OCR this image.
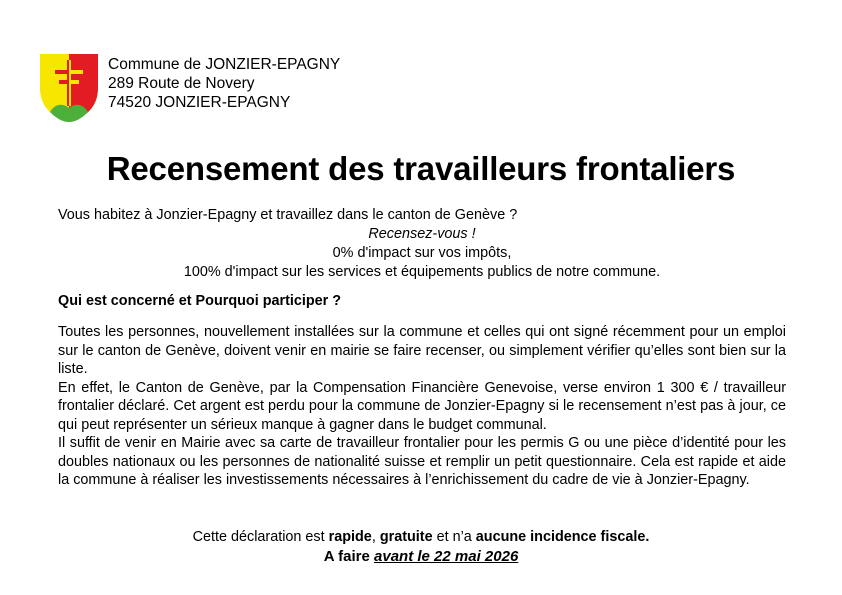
Commune de JONZIER-EPAGNY
289 Route de Novery
74520 JONZIER-EPAGNY
Recensement des travailleurs frontaliers
Vous habitez à Jonzier-Epagny et travaillez dans le canton de Genève ?
Recensez-vous !
0% d'impact sur vos impôts,
100% d'impact sur les services et équipements publics de notre commune.
Qui est concerné et Pourquoi participer ?

Toutes les personnes, nouvellement installées sur la commune et celles qui ont signé récemment pour un emploi sur le canton de Genève, doivent venir en mairie se faire recenser, ou simplement vérifier qu’elles sont bien sur la liste.

En effet, le Canton de Genève, par la Compensation Financière Genevoise, verse environ 1 300 € / travailleur frontalier déclaré. Cet argent est perdu pour la commune de Jonzier-Epagny si le recensement n’est pas à jour, ce qui peut représenter un sérieux manque à gagner dans le budget communal.

Il suffit de venir en Mairie avec sa carte de travailleur frontalier pour les permis G ou une pièce d’identité pour les doubles nationaux ou les personnes de nationalité suisse et remplir un petit questionnaire. Cela est rapide et aide la commune à réaliser les investissements nécessaires à l’enrichissement du cadre de vie à Jonzier-Epagny.

Cette déclaration est rapide, gratuite et n’a aucune incidence fiscale.
A faire avant le 22 mai 2026
